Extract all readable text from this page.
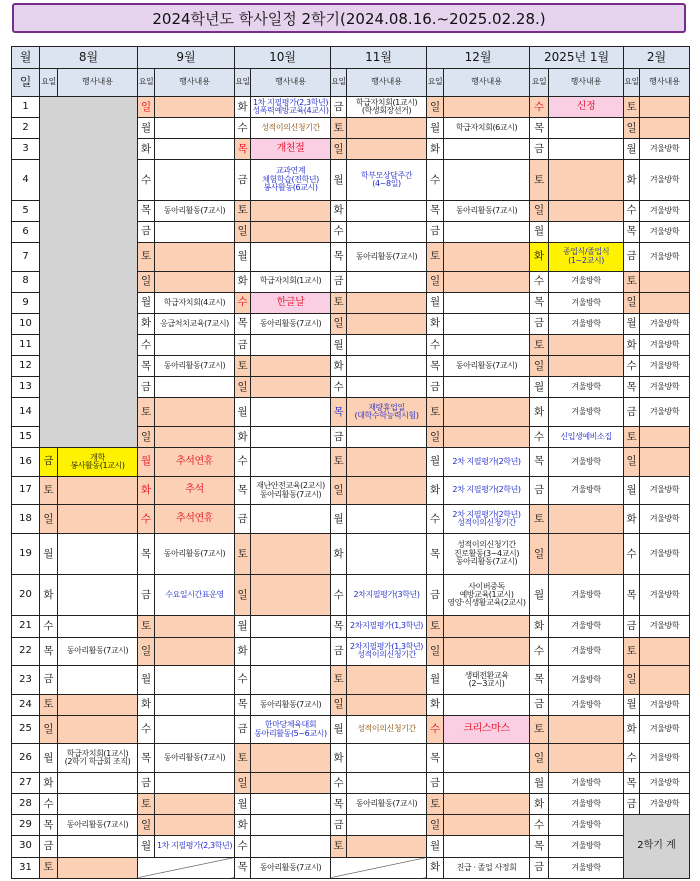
2024학년도 학사일정 2학기(2024.08.16.~2025.02.28.)
월	8월		9월		10월		11월		12월		2025년 1월		2월	
일	요일	행사내용	요일	행사내용	요일	행사내용	요일	행사내용	요일	행사내용	요일	행사내용	요일	행사내용
1			일		화	1차 지필평가(2,3학년)
성폭력예방교육(4교시)	금	학급자치회(1교시)
(학생회장선거)	일		수	신정	토	
2			월		수	성적이의신청기간	토		월	학급자치회(6교시)	목		일	
3			화		목	개천절	일		화		금		월	겨울방학
4			수		금	교과연계
체험학습(전학년)
봉사활동(6교시)	월	학부모상담주간
(4~8일)	수		토		화	겨울방학
5			목	동아리활동(7교시)	토		화		목	동아리활동(7교시)	일		수	겨울방학
6			금		일		수		금		월		목	겨울방학
7			토		월		목	동아리활동(7교시)	토		화	종업식/졸업식
(1~2교시)	금	겨울방학
8			일		화	학급자치회(1교시)	금		일		수	겨울방학	토	
9			월	학급자치회(4교시)	수	한글날	토		월		목	겨울방학	일	
10			화	응급처치교육(7교시)	목	동아리활동(7교시)	일		화		금	겨울방학	월	겨울방학
11			수		금		월		수		토		화	겨울방학
12			목	동아리활동(7교시)	토		화		목	동아리활동(7교시)	일		수	겨울방학
13			금		일		수		금		월	겨울방학	목	겨울방학
14			토		월		목	재량휴업일
(대학수학능력시험)	토		화	겨울방학	금	겨울방학
15			일		화		금		일		수	신입생예비소집	토	
16	금	개학
봉사활동(1교시)	월	추석연휴	수		토		월	2차 지필평가(2학년)	목	겨울방학	일	
17	토		화	추석	목	재난안전교육(2교시)
동아리활동(7교시)	일		화	2차 지필평가(2학년)	금	겨울방학	월	겨울방학
18	일		수	추석연휴	금		월		수	2차 지필평가(2학년)
성적이의신청기간	토		화	겨울방학
19	월		목	동아리활동(7교시)	토		화		목	성적이의신청기간
진로활동(3~4교시)
동아리활동(7교시)	일		수	겨울방학
20	화		금	수요일시간표운영	일		수	2차지필평가(3학년)	금	사이버중독
예방교육(1교시)
영양·식생활교육(2교시)	월	겨울방학	목	겨울방학
21	수		토		월		목	2차지필평가(1,3학년)	토		화	겨울방학	금	겨울방학
22	목	동아리활동(7교시)	일		화		금	2차지필평가(1,3학년)
성적이의신청기간	일		수	겨울방학	토	
23	금		월		수		토		월	생태전환교육
(2~3교시)	목	겨울방학	일	
24	토		화		목	동아리활동(7교시)	일		화		금	겨울방학	월	겨울방학
25	일		수		금	한마당체육대회
동아리활동(5~6교시)	월	성적이의신청기간	수	크리스마스	토		화	겨울방학
26	월	학급자치회(1교시)
(2학기 학급회 조직)	목	동아리활동(7교시)	토		화		목		일		수	겨울방학
27	화		금		일		수		금		월	겨울방학	목	겨울방학
28	수		토		월		목	동아리활동(7교시)	토		화	겨울방학	금	겨울방학
29	목	동아리활동(7교시)	일		화		금		일		수	겨울방학	2학기 계	
30	금		월	1차 지필평가(2,3학년)	수		토		월		목	겨울방학		
31	토				목	동아리활동(7교시)			화	진급 · 졸업 사정회	금	겨울방학		
